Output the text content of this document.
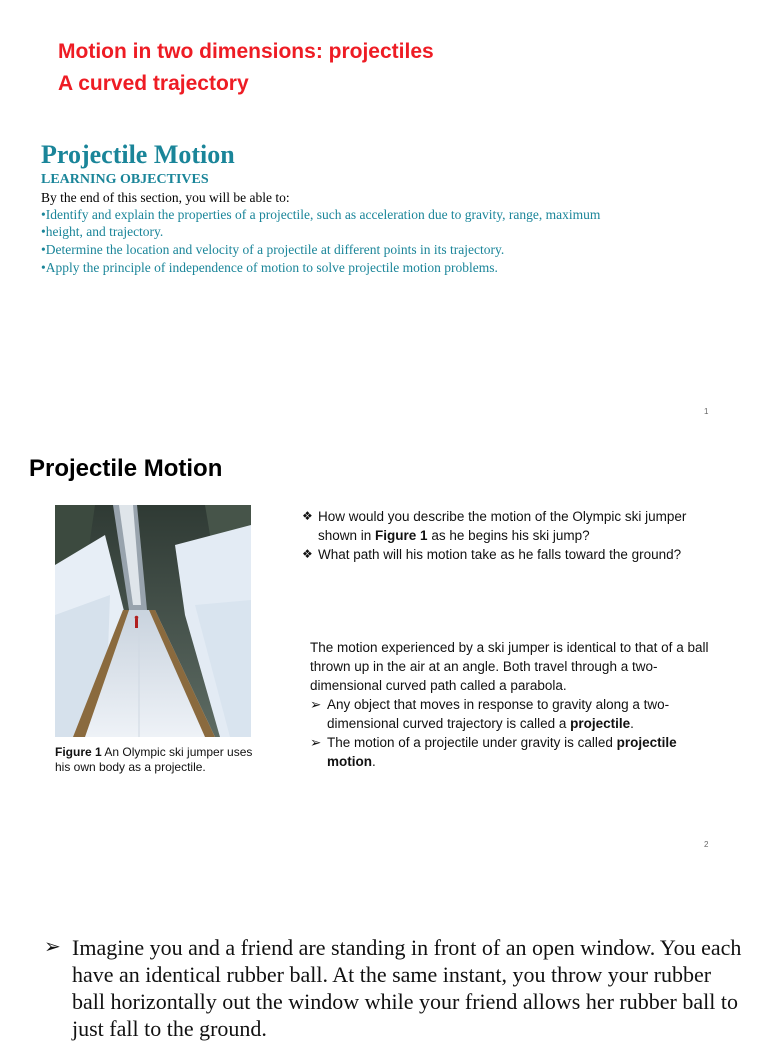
Motion in two dimensions: projectiles
A curved trajectory
Projectile Motion
LEARNING OBJECTIVES
By the end of this section, you will be able to:
•Identify and explain the properties of a projectile, such as acceleration due to gravity, range, maximum
•height, and trajectory.
•Determine the location and velocity of a projectile at different points in its trajectory.
•Apply the principle of independence of motion to solve projectile motion problems.
1
Projectile Motion
Figure 1 An Olympic ski jumper uses his own body as a projectile.
❖ How would you describe the motion of the Olympic ski jumper shown in Figure 1 as he begins his ski jump?
❖ What path will his motion take as he falls toward the ground?
The motion experienced by a ski jumper is identical to that of a ball thrown up in the air at an angle. Both travel through a two-dimensional curved path called a parabola.
➢ Any object that moves in response to gravity along a two-dimensional curved trajectory is called a projectile.
➢ The motion of a projectile under gravity is called projectile motion.
2
➢ Imagine you and a friend are standing in front of an open window. You each have an identical rubber ball. At the same instant, you throw your rubber ball horizontally out the window while your friend allows her rubber ball to just fall to the ground.
